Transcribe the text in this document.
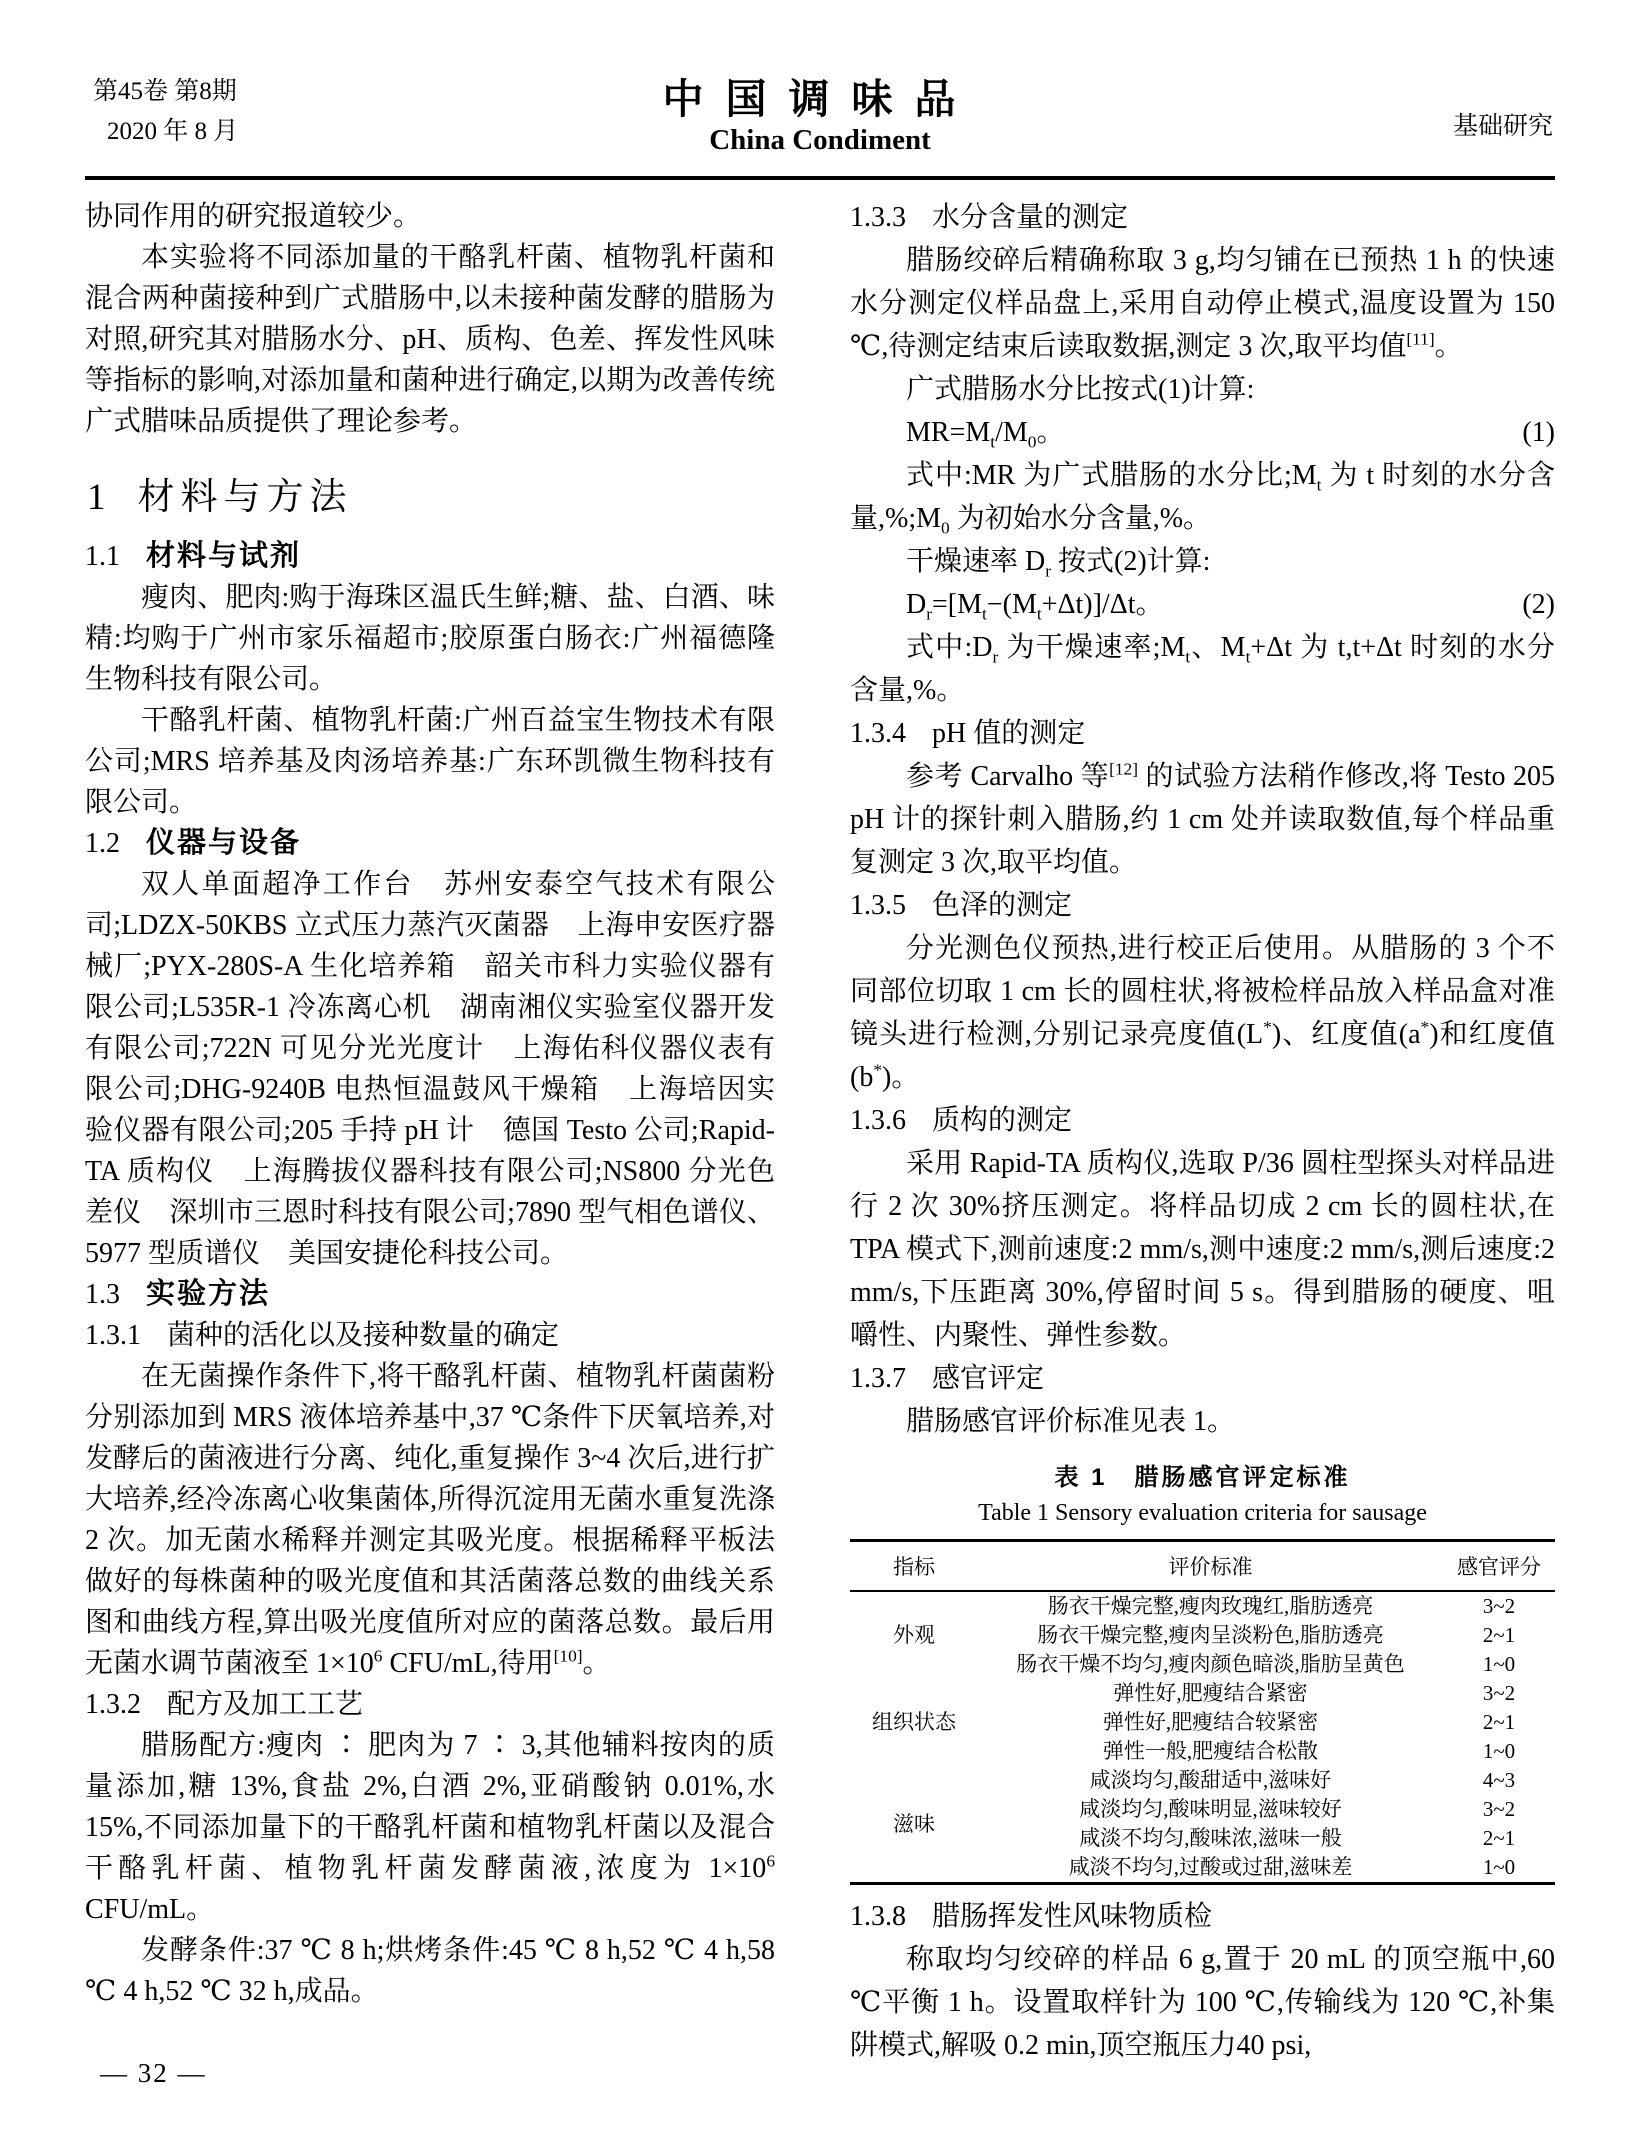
第45卷 第8期
2020 年 8 月
中国调味品
China Condiment	基础研究

协同作用的研究报道较少。

本实验将不同添加量的干酪乳杆菌、植物乳杆菌和混合两种菌接种到广式腊肠中,以未接种菌发酵的腊肠为对照,研究其对腊肠水分、pH、质构、色差、挥发性风味等指标的影响,对添加量和菌种进行确定,以期为改善传统广式腊味品质提供了理论参考。

1 材料与方法
1.1 材料与试剂

瘦肉、肥肉:购于海珠区温氏生鲜;糖、盐、白酒、味精:均购于广州市家乐福超市;胶原蛋白肠衣:广州福德隆生物科技有限公司。

干酪乳杆菌、植物乳杆菌:广州百益宝生物技术有限公司;MRS 培养基及肉汤培养基:广东环凯微生物科技有限公司。

1.2 仪器与设备

双人单面超净工作台　苏州安泰空气技术有限公司;LDZX-50KBS 立式压力蒸汽灭菌器　上海申安医疗器械厂;PYX-280S-A 生化培养箱　韶关市科力实验仪器有限公司;L535R-1 冷冻离心机　湖南湘仪实验室仪器开发有限公司;722N 可见分光光度计　上海佑科仪器仪表有限公司;DHG-9240B 电热恒温鼓风干燥箱　上海培因实验仪器有限公司;205 手持 pH 计　德国 Testo 公司;Rapid-TA 质构仪　上海腾拔仪器科技有限公司;NS800 分光色差仪　深圳市三恩时科技有限公司;7890 型气相色谱仪、5977 型质谱仪　美国安捷伦科技公司。

1.3 实验方法
1.3.1 菌种的活化以及接种数量的确定

在无菌操作条件下,将干酪乳杆菌、植物乳杆菌菌粉分别添加到 MRS 液体培养基中,37 ℃条件下厌氧培养,对发酵后的菌液进行分离、纯化,重复操作 3~4 次后,进行扩大培养,经冷冻离心收集菌体,所得沉淀用无菌水重复洗涤 2 次。加无菌水稀释并测定其吸光度。根据稀释平板法做好的每株菌种的吸光度值和其活菌落总数的曲线关系图和曲线方程,算出吸光度值所对应的菌落总数。最后用无菌水调节菌液至 $1\times 10^6$ CFU/mL,待用[10]。

1.3.2 配方及加工工艺

腊肠配方:瘦肉 ∶ 肥肉为 7 ∶ 3,其他辅料按肉的质量添加,糖 13%,食盐 2%,白酒 2%,亚硝酸钠 0.01%,水 15%,不同添加量下的干酪乳杆菌和植物乳杆菌以及混合干酪乳杆菌、植物乳杆菌发酵菌液,浓度为 $1\times 10^6$ CFU/mL。

发酵条件:37 ℃ 8 h;烘烤条件:45 ℃ 8 h,52 ℃ 4 h,58 ℃ 4 h,52 ℃ 32 h,成品。

1.3.3 水分含量的测定

腊肠绞碎后精确称取 3 g,均匀铺在已预热 1 h 的快速水分测定仪样品盘上,采用自动停止模式,温度设置为 150 ℃,待测定结束后读取数据,测定 3 次,取平均值[11]。

广式腊肠水分比按式(1)计算:

$MR=M_t/M_0$。	(1)

式中:MR 为广式腊肠的水分比$;M_t$ 为 t 时刻的水分含量$,\%;M_0$ 为初始水分含量,%。

干燥速率 $D_r$ 按式(2)计算:

$D_r=[M_t-(M_t+\Delta t)]/\Delta t$。	(2)

式中$:D_r$ 为干燥速率$;M_t$、$M_t+\Delta t$ 为 t,t+Δt 时刻的水分含量,%。

1.3.4 pH 值的测定

参考 Carvalho 等[12] 的试验方法稍作修改,将 Testo 205 pH 计的探针刺入腊肠,约 1 cm 处并读取数值,每个样品重复测定 3 次,取平均值。

1.3.5 色泽的测定

分光测色仪预热,进行校正后使用。从腊肠的 3 个不同部位切取 1 cm 长的圆柱状,将被检样品放入样品盒对准镜头进行检测,分别记录亮度值(L*)、红度值(a*)和红度值(b*)。

1.3.6 质构的测定

采用 Rapid-TA 质构仪,选取 P/36 圆柱型探头对样品进行 2 次 30%挤压测定。将样品切成 2 cm 长的圆柱状,在 TPA 模式下,测前速度:2 mm/s,测中速度:2 mm/s,测后速度:2 mm/s,下压距离 30%,停留时间 5 s。得到腊肠的硬度、咀嚼性、内聚性、弹性参数。

1.3.7 感官评定

腊肠感官评价标准见表 1。

表 1　腊肠感官评定标准
Table 1 Sensory evaluation criteria for sausage
指标	评价标准	感官评分
外观	肠衣干燥完整,瘦肉玫瑰红,脂肪透亮	3~2
	肠衣干燥完整,瘦肉呈淡粉色,脂肪透亮	2~1
	肠衣干燥不均匀,瘦肉颜色暗淡,脂肪呈黄色	1~0
组织状态	弹性好,肥瘦结合紧密	3~2
	弹性好,肥瘦结合较紧密	2~1
	弹性一般,肥瘦结合松散	1~0
滋味	咸淡均匀,酸甜适中,滋味好	4~3
	咸淡均匀,酸味明显,滋味较好	3~2
	咸淡不均匀,酸味浓,滋味一般	2~1
	咸淡不均匀,过酸或过甜,滋味差	1~0
1.3.8 腊肠挥发性风味物质检

称取均匀绞碎的样品 6 g,置于 20 mL 的顶空瓶中,60 ℃平衡 1 h。设置取样针为 100 ℃,传输线为 120 ℃,补集阱模式,解吸 0.2 min,顶空瓶压力40 psi,

— 32 —
